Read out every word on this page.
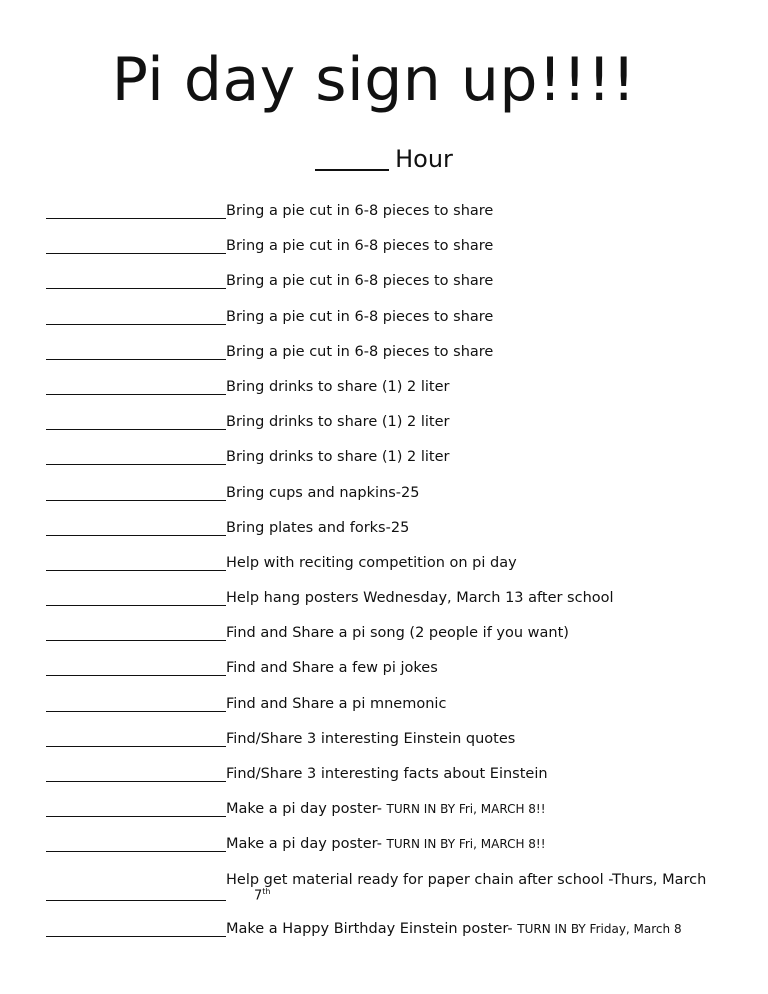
Pi day sign up!!!!
Hour
Bring a pie cut in 6-8 pieces to share
Bring a pie cut in 6-8 pieces to share
Bring a pie cut in 6-8 pieces to share
Bring a pie cut in 6-8 pieces to share
Bring a pie cut in 6-8 pieces to share
Bring drinks to share (1) 2 liter
Bring drinks to share (1) 2 liter
Bring drinks to share (1) 2 liter
Bring cups and napkins-25
Bring plates and forks-25
Help with reciting competition on pi day
Help hang posters Wednesday, March 13 after school
Find and Share a pi song (2 people if you want)
Find and Share a few pi jokes
Find and Share a pi mnemonic
Find/Share 3 interesting Einstein quotes
Find/Share 3 interesting facts about Einstein
Make a pi day poster- TURN IN BY Fri, MARCH 8!!
Make a pi day poster- TURN IN BY Fri, MARCH 8!!
Help get material ready for paper chain after school -Thurs, March
7th
Make a Happy Birthday Einstein poster- TURN IN BY Friday, March 8
